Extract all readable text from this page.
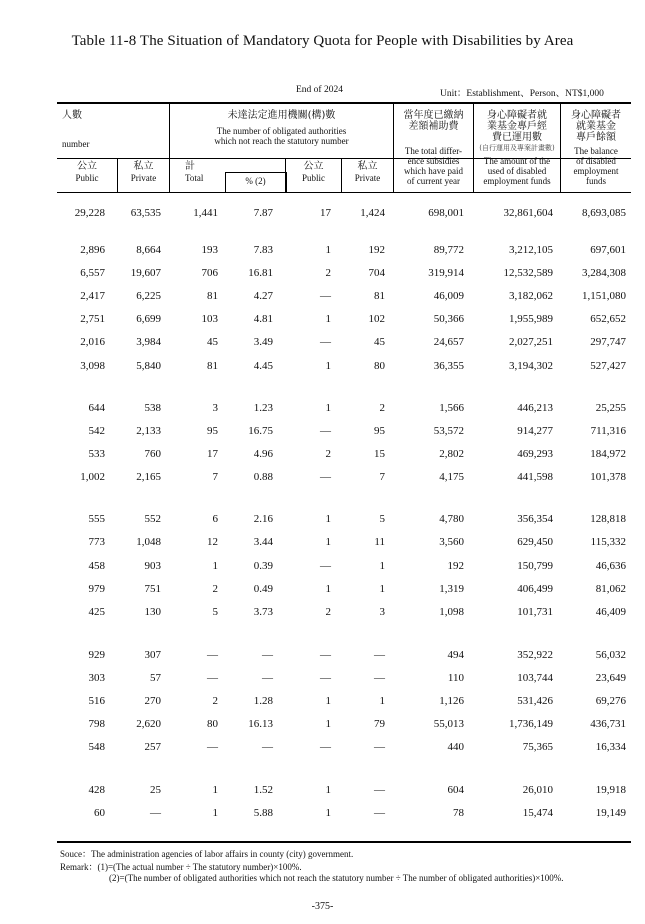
Table 11-8 The Situation of Mandatory Quota for People with Disabilities by Area
End of 2024	Unit：Establishment、Person、NT$1,000
人數
number
未達法定進用機關(構)數
The number of obligated authorities
which not reach the statutory number
當年度已繳納
差額補助費
The total differ-
ence subsidies
which have paid
of current year
身心障礙者就
業基金專戶經
費已運用數
(自行運用及專案計畫數)
The amount of the
used of disabled
employment funds
身心障礙者
就業基金
專戶餘額
The balance
of disabled
employment
funds
公立
Public
私立
Private
計
Total	% (2)
公立
Public
私立
Private
29,228 63,535	1,441	7.87	17	1,424	698,001	32,861,604	8,693,085
2,896	8,664	193	7.83	1	192	89,772	3,212,105	697,601
6,557 19,607	706	16.81	2	704	319,914	12,532,589	3,284,308
2,417	6,225	81	4.27	—	81	46,009	3,182,062	1,151,080
2,751	6,699	103	4.81	1	102	50,366	1,955,989	652,652
2,016	3,984	45	3.49	—	45	24,657	2,027,251	297,747
3,098	5,840	81	4.45	1	80	36,355	3,194,302	527,427
644	538	3	1.23	1	2	1,566	446,213	25,255
542	2,133	95	16.75	—	95	53,572	914,277	711,316
533	760	17	4.96	2	15	2,802	469,293	184,972
1,002	2,165	7	0.88	—	7	4,175	441,598	101,378
555	552	6	2.16	1	5	4,780	356,354	128,818
773	1,048	12	3.44	1	11	3,560	629,450	115,332
458	903	1	0.39	—	1	192	150,799	46,636
979	751	2	0.49	1	1	1,319	406,499	81,062
425	130	5	3.73	2	3	1,098	101,731	46,409
929	307	—	—	—	—	494	352,922	56,032
303	57	—	—	—	—	110	103,744	23,649
516	270	2	1.28	1	1	1,126	531,426	69,276
798	2,620	80	16.13	1	79	55,013	1,736,149	436,731
548	257	—	—	—	—	440	75,365	16,334
428	25	1	1.52	1	—	604	26,010	19,918
60	—	1	5.88	1	—	78	15,474	19,149
Souce：The administration agencies of labor affairs in county (city) government.
Remark：(1)=(The actual number ÷ The statutory number)×100%.
(2)=(The number of obligated authorities which not reach the statutory number ÷ The number of obligated authorities)×100%.
-375-
